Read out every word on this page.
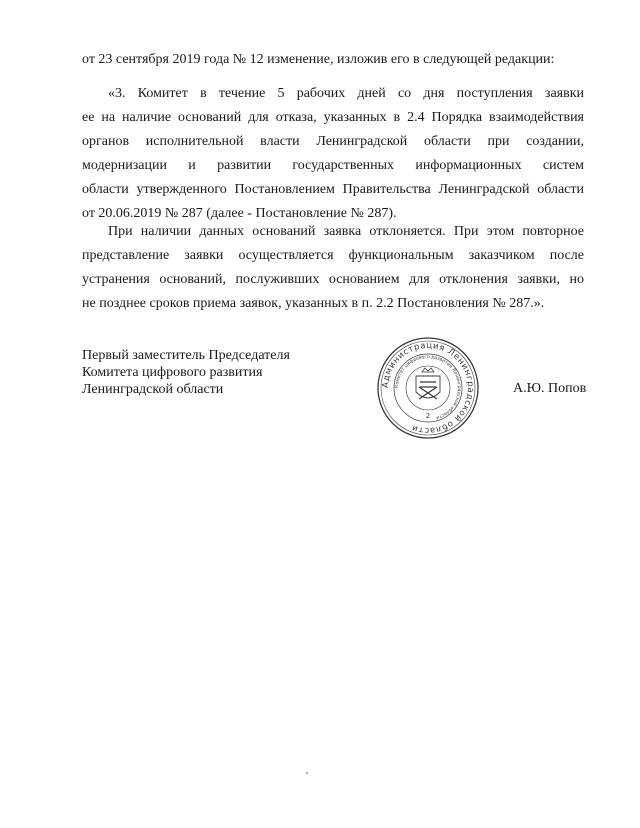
от 23 сентября 2019 года № 12 изменение, изложив его в следующей редакции:
«3. Комитет в течение 5 рабочих дней со дня поступления заявки
ее на наличие оснований для отказа, указанных в 2.4 Порядка взаимодействия
органов исполнительной власти Ленинградской области при создании,
модернизации и развитии государственных информационных систем
области утвержденного Постановлением Правительства Ленинградской области
от 20.06.2019 № 287 (далее - Постановление № 287).
При наличии данных оснований заявка отклоняется. При этом повторное
представление заявки осуществляется функциональным заказчиком после
устранения оснований, послуживших основанием для отклонения заявки, но
не позднее сроков приема заявок, указанных в п. 2.2 Постановления № 287.».
Первый заместитель Председателя
Комитета цифрового развития
Ленинградской области	Администрация Ленинградской области
Комитет цифрового развития Ленинградской области
2
А.Ю. Попов
